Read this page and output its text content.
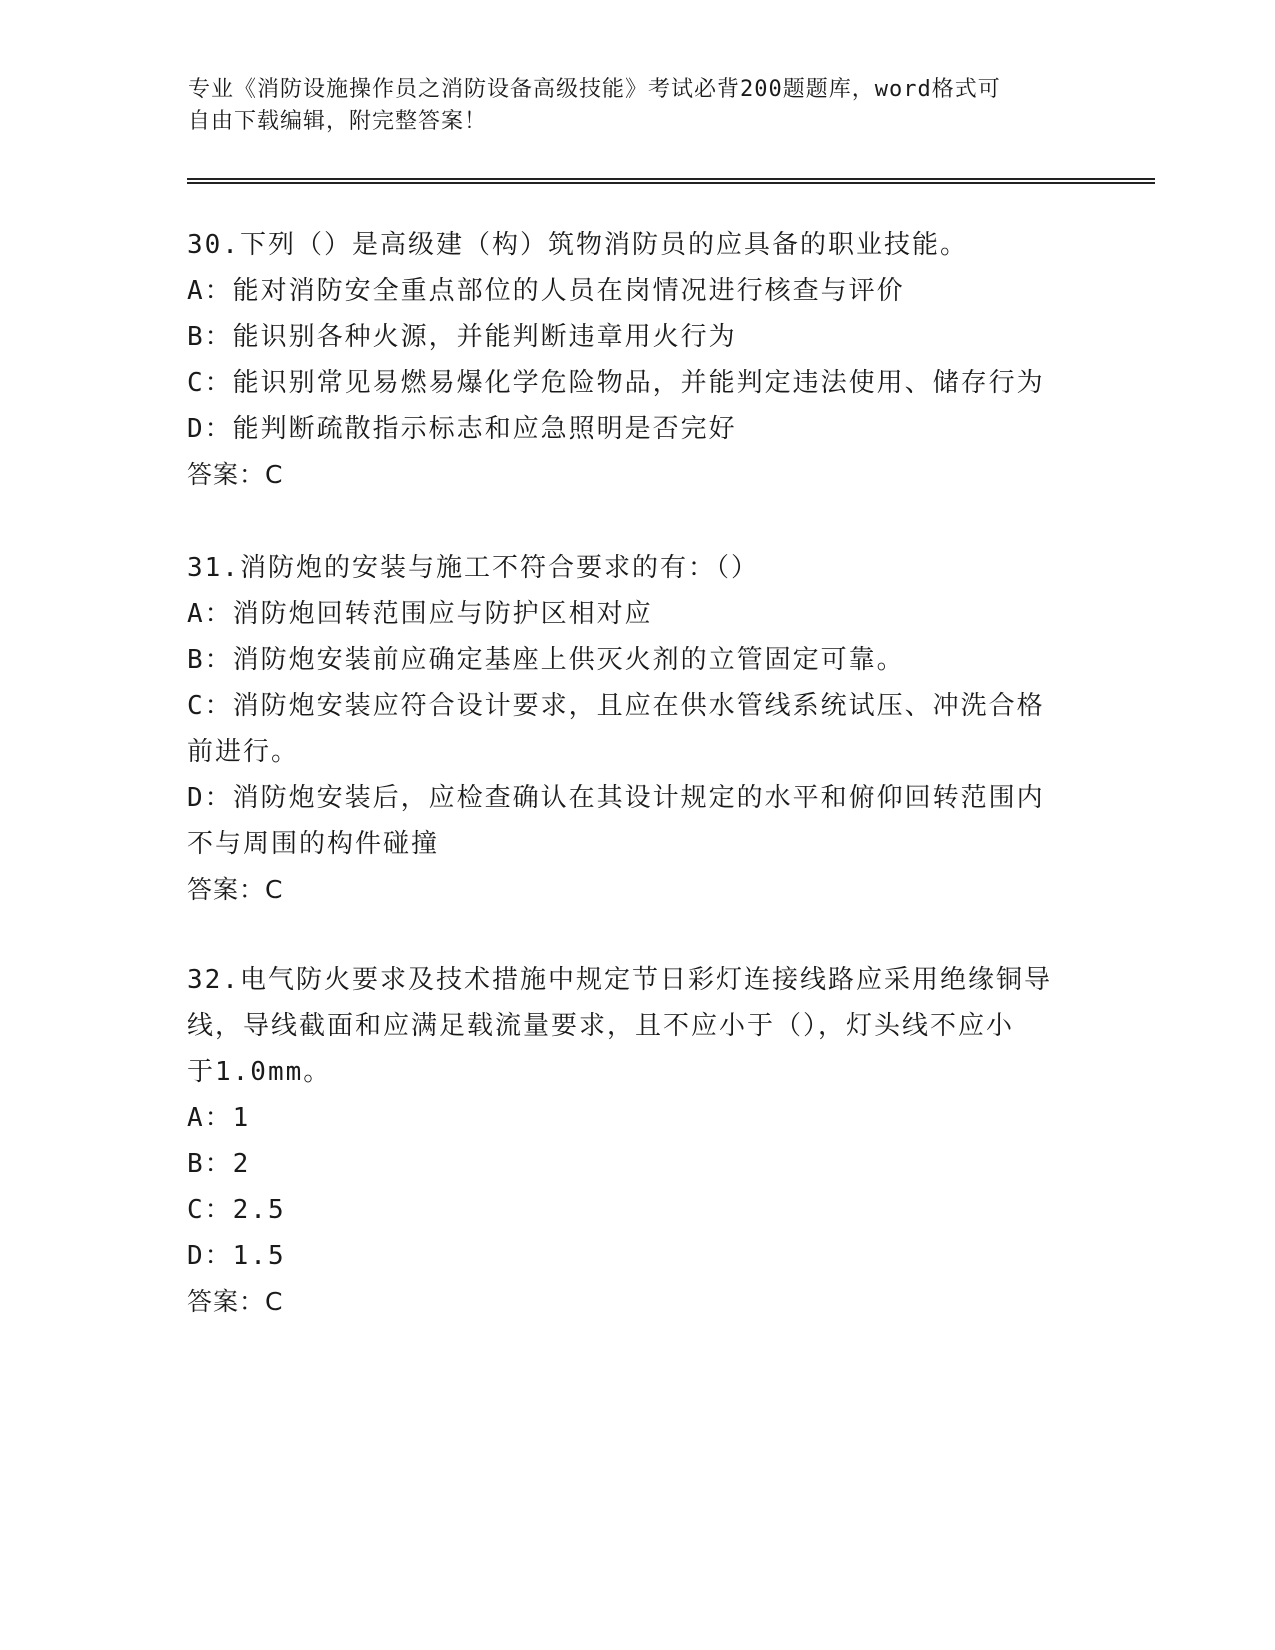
专业《消防设施操作员之消防设备高级技能》考试必背200题题库，word格式可
自由下载编辑，附完整答案！
30.下列（）是高级建（构）筑物消防员的应具备的职业技能。
A：能对消防安全重点部位的人员在岗情况进行核查与评价
B：能识别各种火源，并能判断违章用火行为
C：能识别常见易燃易爆化学危险物品，并能判定违法使用、储存行为
D：能判断疏散指示标志和应急照明是否完好
答案：C
31.消防炮的安装与施工不符合要求的有：（）
A：消防炮回转范围应与防护区相对应
B：消防炮安装前应确定基座上供灭火剂的立管固定可靠。
C：消防炮安装应符合设计要求，且应在供水管线系统试压、冲洗合格
前进行。
D：消防炮安装后，应检查确认在其设计规定的水平和俯仰回转范围内
不与周围的构件碰撞
答案：C
32.电气防火要求及技术措施中规定节日彩灯连接线路应采用绝缘铜导
线，导线截面和应满足载流量要求，且不应小于（），灯头线不应小
于1.0mm。
A：1
B：2
C：2.5
D：1.5
答案：C
